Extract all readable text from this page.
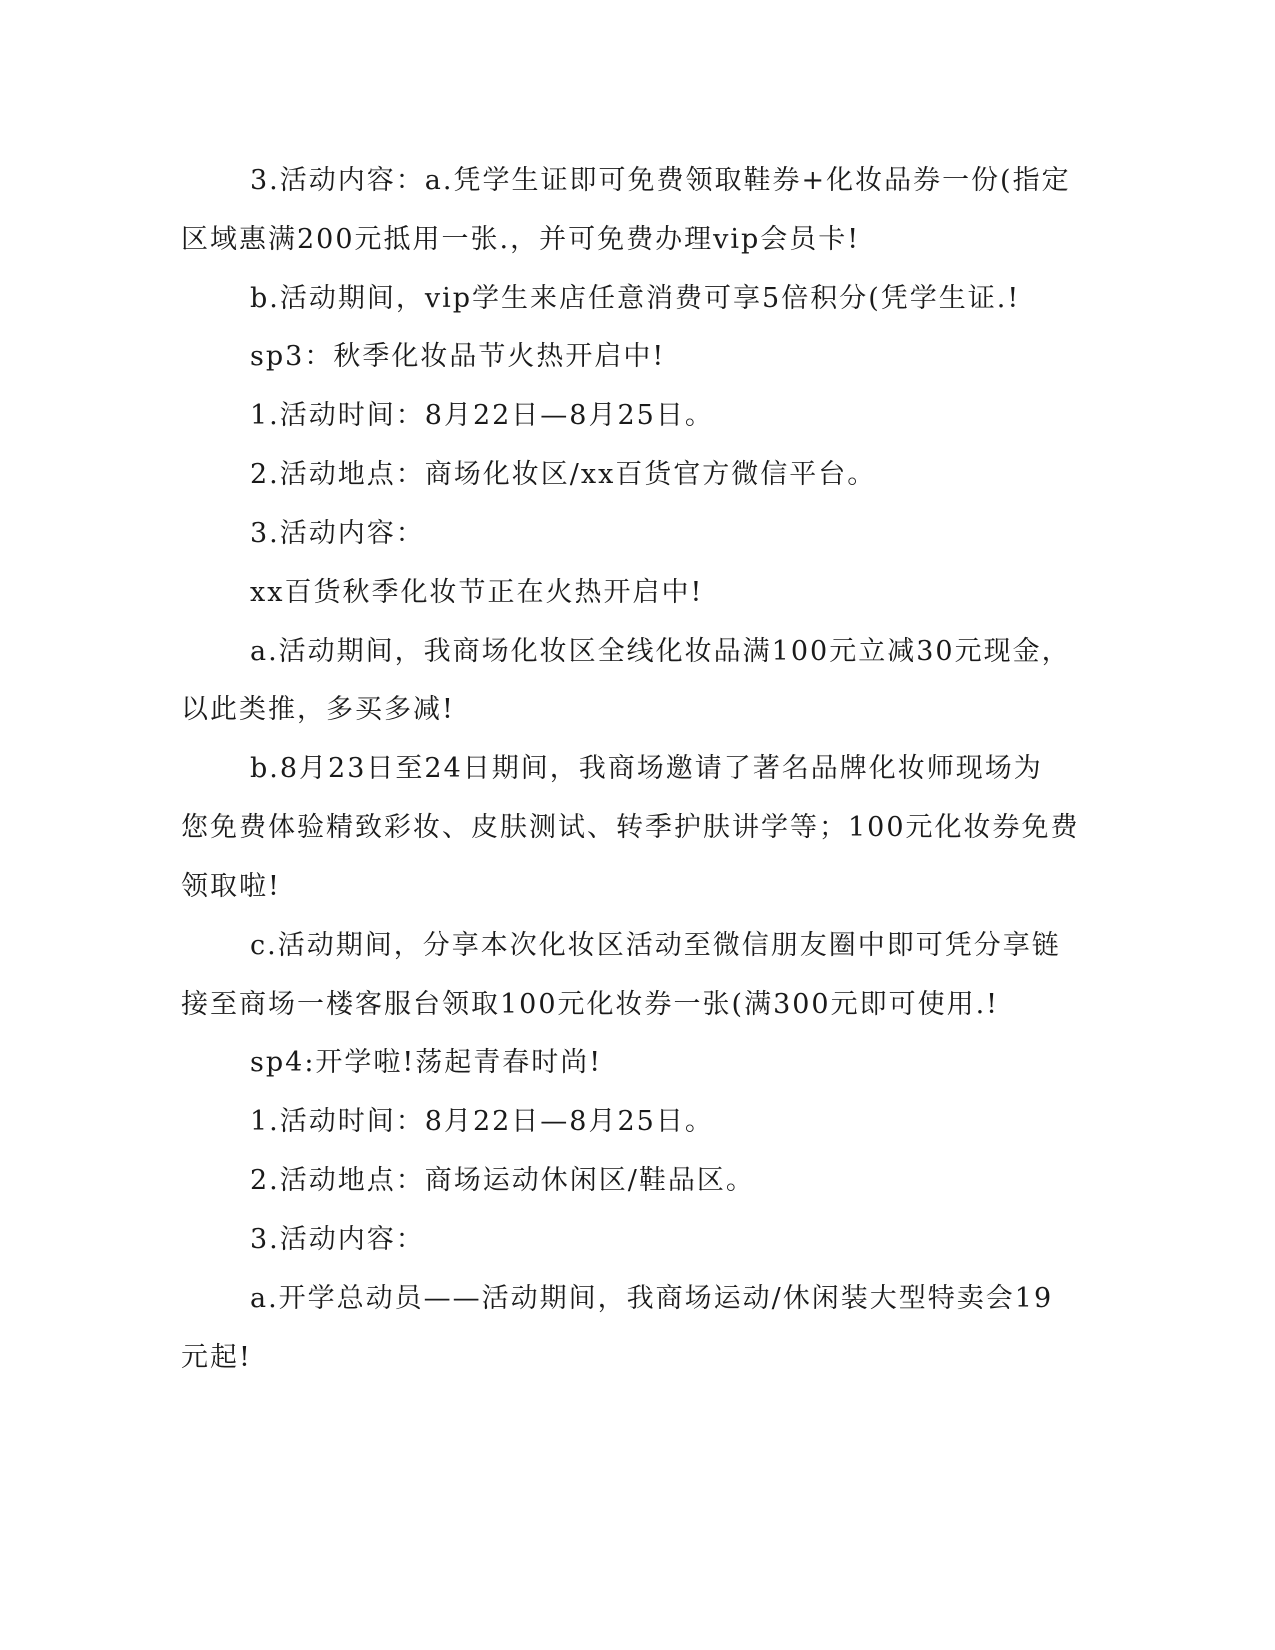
3.活动内容：a.凭学生证即可免费领取鞋券+化妆品券一份(指定

区域惠满200元抵用一张.，并可免费办理vip会员卡!

b.活动期间，vip学生来店任意消费可享5倍积分(凭学生证.!

sp3：秋季化妆品节火热开启中!

1.活动时间：8月22日—8月25日。

2.活动地点：商场化妆区/xx百货官方微信平台。

3.活动内容：

xx百货秋季化妆节正在火热开启中!

a.活动期间，我商场化妆区全线化妆品满100元立减30元现金，

以此类推，多买多减!

b.8月23日至24日期间，我商场邀请了著名品牌化妆师现场为

您免费体验精致彩妆、皮肤测试、转季护肤讲学等；100元化妆券免费

领取啦!

c.活动期间，分享本次化妆区活动至微信朋友圈中即可凭分享链

接至商场一楼客服台领取100元化妆券一张(满300元即可使用.!

sp4:开学啦!荡起青春时尚!

1.活动时间：8月22日—8月25日。

2.活动地点：商场运动休闲区/鞋品区。

3.活动内容：

a.开学总动员——活动期间，我商场运动/休闲装大型特卖会19

元起!
